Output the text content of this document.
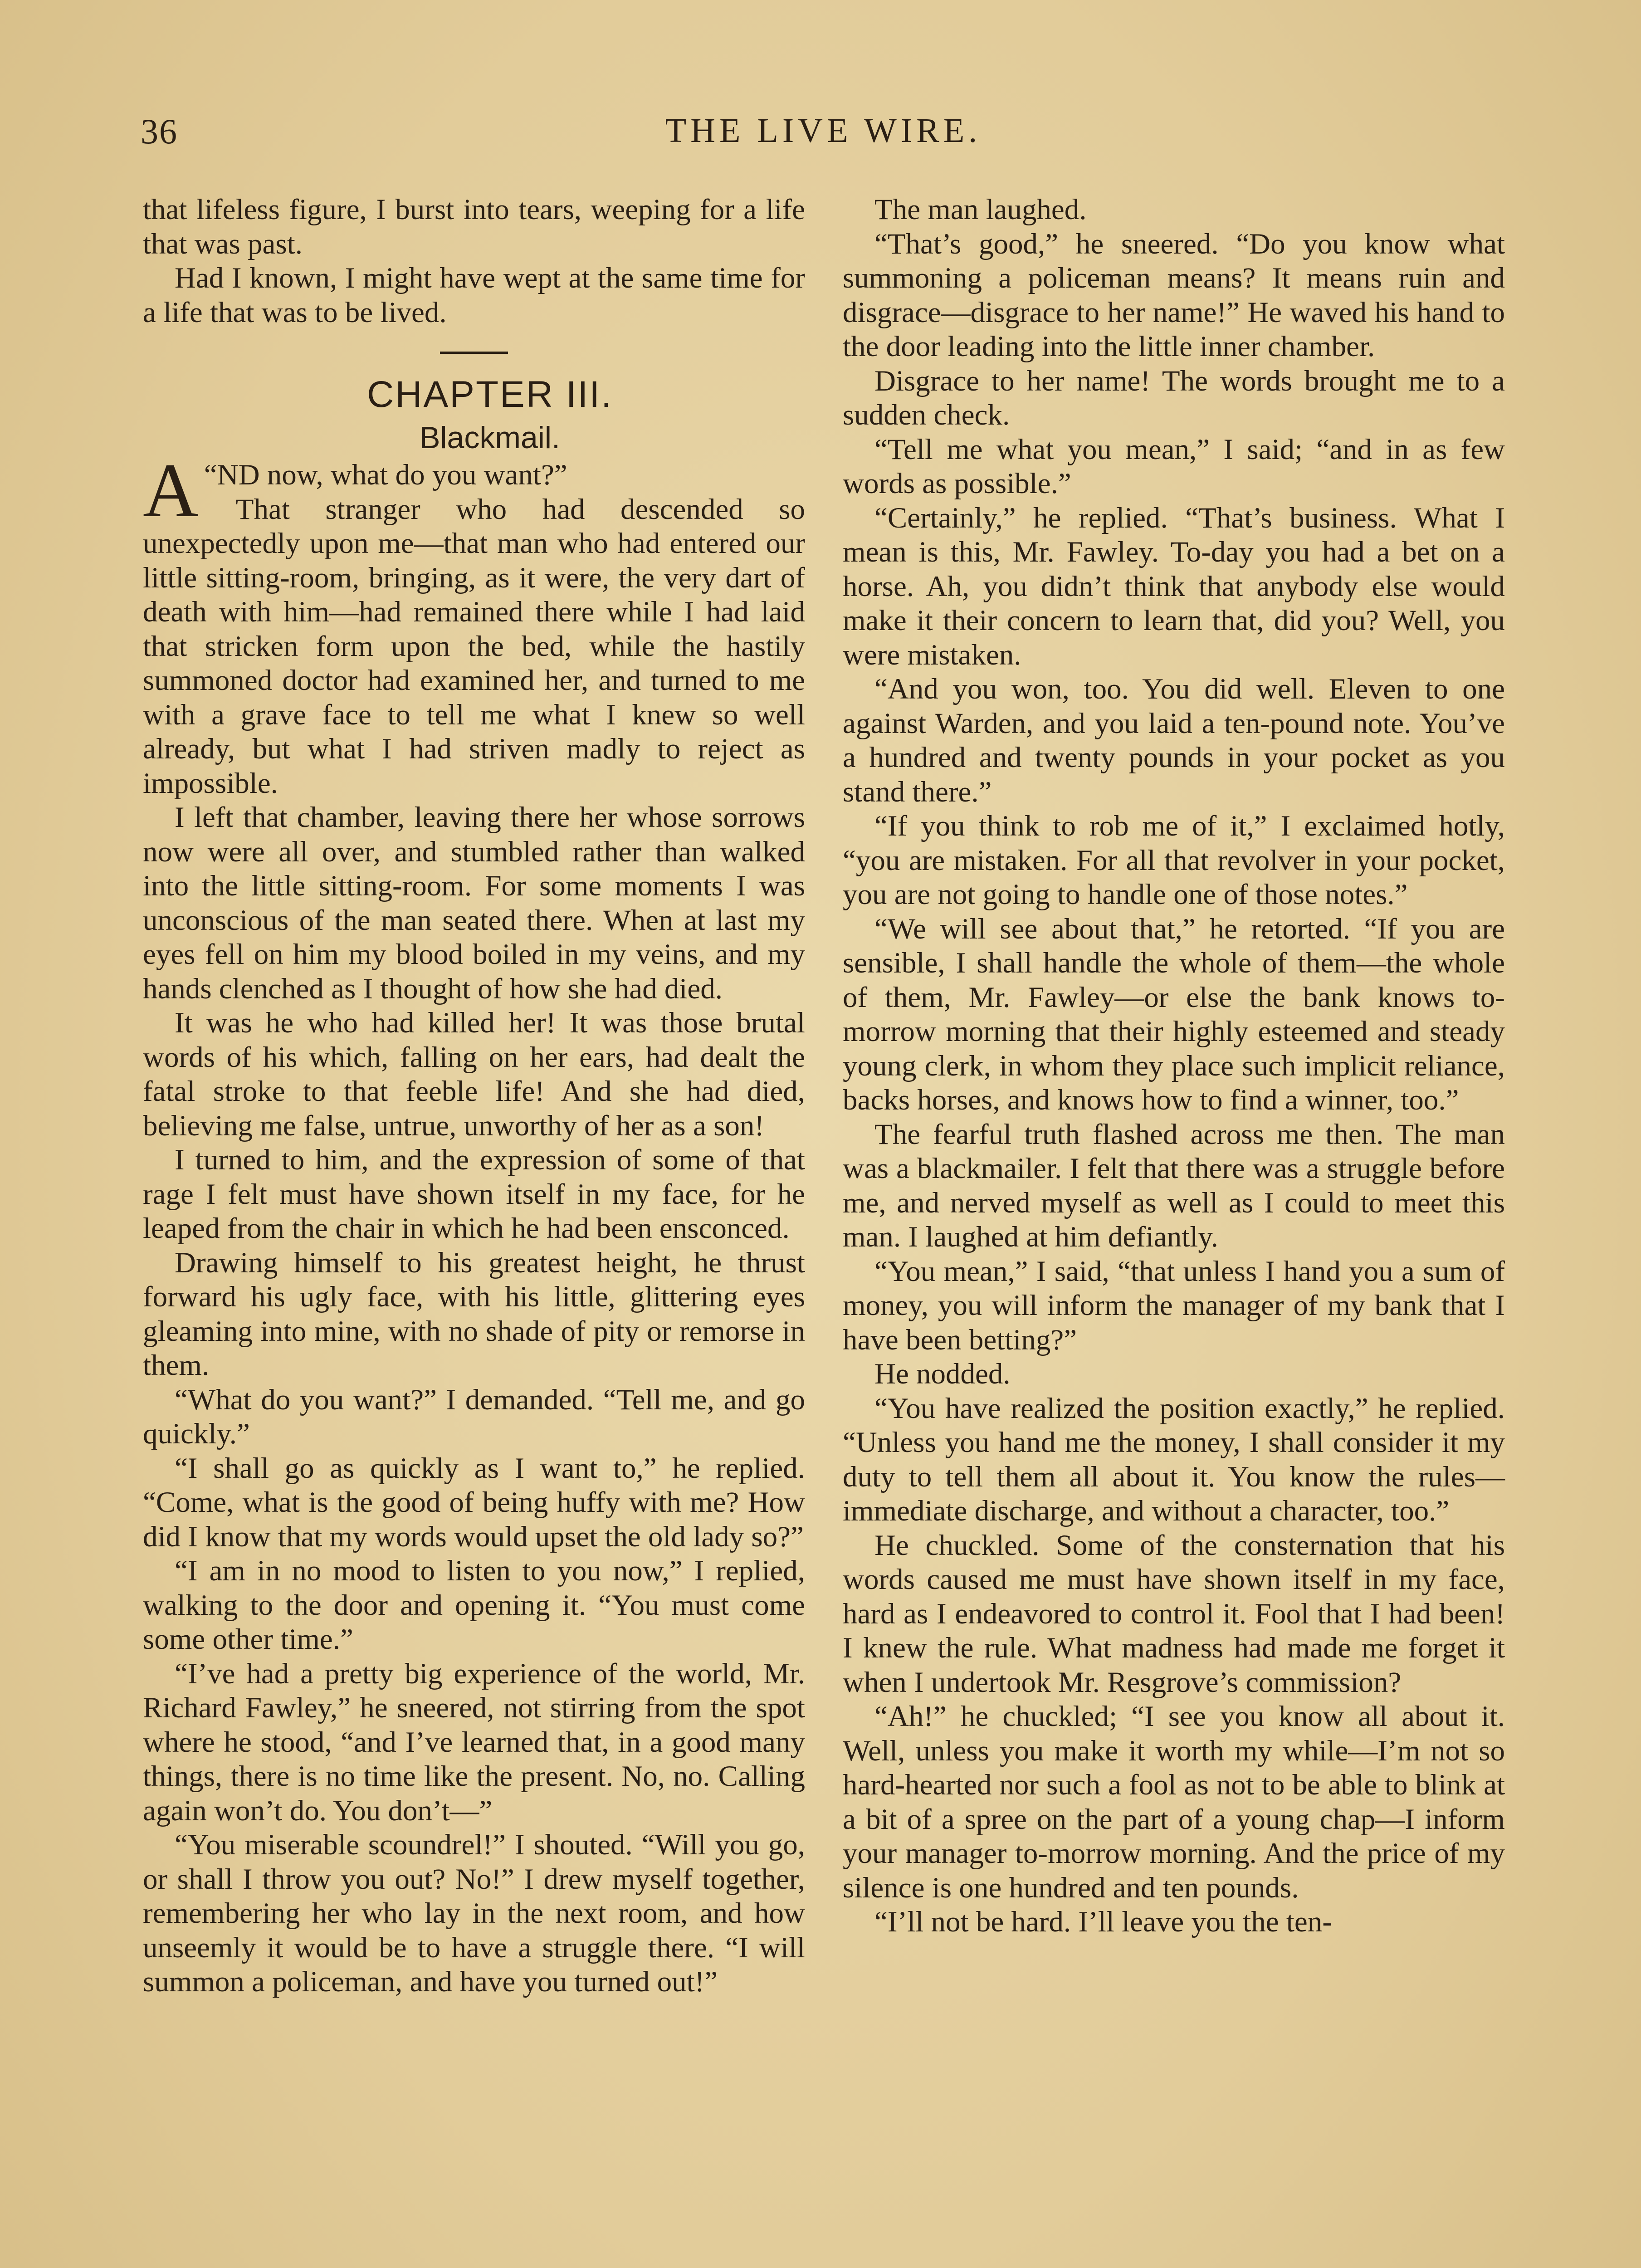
36	THE LIVE WIRE.

that lifeless figure, I burst into tears, weeping for a life that was past.

Had I known, I might have wept at the same time for a life that was to be lived.

CHAPTER III.

Blackmail.

“
A ND now, what do you want?”

That stranger who had descended so unexpectedly upon me—that man who had entered our little sitting-room, bringing, as it were, the very dart of death with him—had remained there while I had laid that stricken form upon the bed, while the hastily summoned doctor had examined her, and turned to me with a grave face to tell me what I knew so well already, but what I had striven madly to reject as impossible.

I left that chamber, leaving there her whose sorrows now were all over, and stumbled rather than walked into the little sitting-room. For some moments I was unconscious of the man seated there. When at last my eyes fell on him my blood boiled in my veins, and my hands clenched as I thought of how she had died.

It was he who had killed her! It was those brutal words of his which, falling on her ears, had dealt the fatal stroke to that feeble life! And she had died, believing me false, untrue, unworthy of her as a son!

I turned to him, and the expression of some of that rage I felt must have shown itself in my face, for he leaped from the chair in which he had been ensconced.

Drawing himself to his greatest height, he thrust forward his ugly face, with his little, glittering eyes gleaming into mine, with no shade of pity or remorse in them.

“What do you want?” I demanded. “Tell me, and go quickly.”

“I shall go as quickly as I want to,” he replied. “Come, what is the good of being huffy with me? How did I know that my words would upset the old lady so?”

“I am in no mood to listen to you now,” I replied, walking to the door and opening it. “You must come some other time.”

“I’ve had a pretty big experience of the world, Mr. Richard Fawley,” he sneered, not stirring from the spot where he stood, “and I’ve learned that, in a good many things, there is no time like the present. No, no. Calling again won’t do. You don’t—”

“You miserable scoundrel!” I shouted. “Will you go, or shall I throw you out? No!” I drew myself together, remembering her who lay in the next room, and how unseemly it would be to have a struggle there. “I will summon a policeman, and have you turned out!”

The man laughed.

“That’s good,” he sneered. “Do you know what summoning a policeman means? It means ruin and disgrace—disgrace to her name!” He waved his hand to the door leading into the little inner chamber.

Disgrace to her name! The words brought me to a sudden check.

“Tell me what you mean,” I said; “and in as few words as possible.”

“Certainly,” he replied. “That’s business. What I mean is this, Mr. Fawley. To-day you had a bet on a horse. Ah, you didn’t think that anybody else would make it their concern to learn that, did you? Well, you were mistaken.

“And you won, too. You did well. Eleven to one against Warden, and you laid a ten-pound note. You’ve a hundred and twenty pounds in your pocket as you stand there.”

“If you think to rob me of it,” I exclaimed hotly, “you are mistaken. For all that revolver in your pocket, you are not going to handle one of those notes.”

“We will see about that,” he retorted. “If you are sensible, I shall handle the whole of them—the whole of them, Mr. Fawley—or else the bank knows to-morrow morning that their highly esteemed and steady young clerk, in whom they place such implicit reliance, backs horses, and knows how to find a winner, too.”

The fearful truth flashed across me then. The man was a blackmailer. I felt that there was a struggle before me, and nerved myself as well as I could to meet this man. I laughed at him defiantly.

“You mean,” I said, “that unless I hand you a sum of money, you will inform the manager of my bank that I have been betting?”

He nodded.

“You have realized the position exactly,” he replied. “Unless you hand me the money, I shall consider it my duty to tell them all about it. You know the rules—immediate discharge, and without a character, too.”

He chuckled. Some of the consternation that his words caused me must have shown itself in my face, hard as I endeavored to control it. Fool that I had been! I knew the rule. What madness had made me forget it when I undertook Mr. Resgrove’s commission?

“Ah!” he chuckled; “I see you know all about it. Well, unless you make it worth my while—I’m not so hard-hearted nor such a fool as not to be able to blink at a bit of a spree on the part of a young chap—I inform your manager to-morrow morning. And the price of my silence is one hundred and ten pounds.

“I’ll not be hard. I’ll leave you the ten-
